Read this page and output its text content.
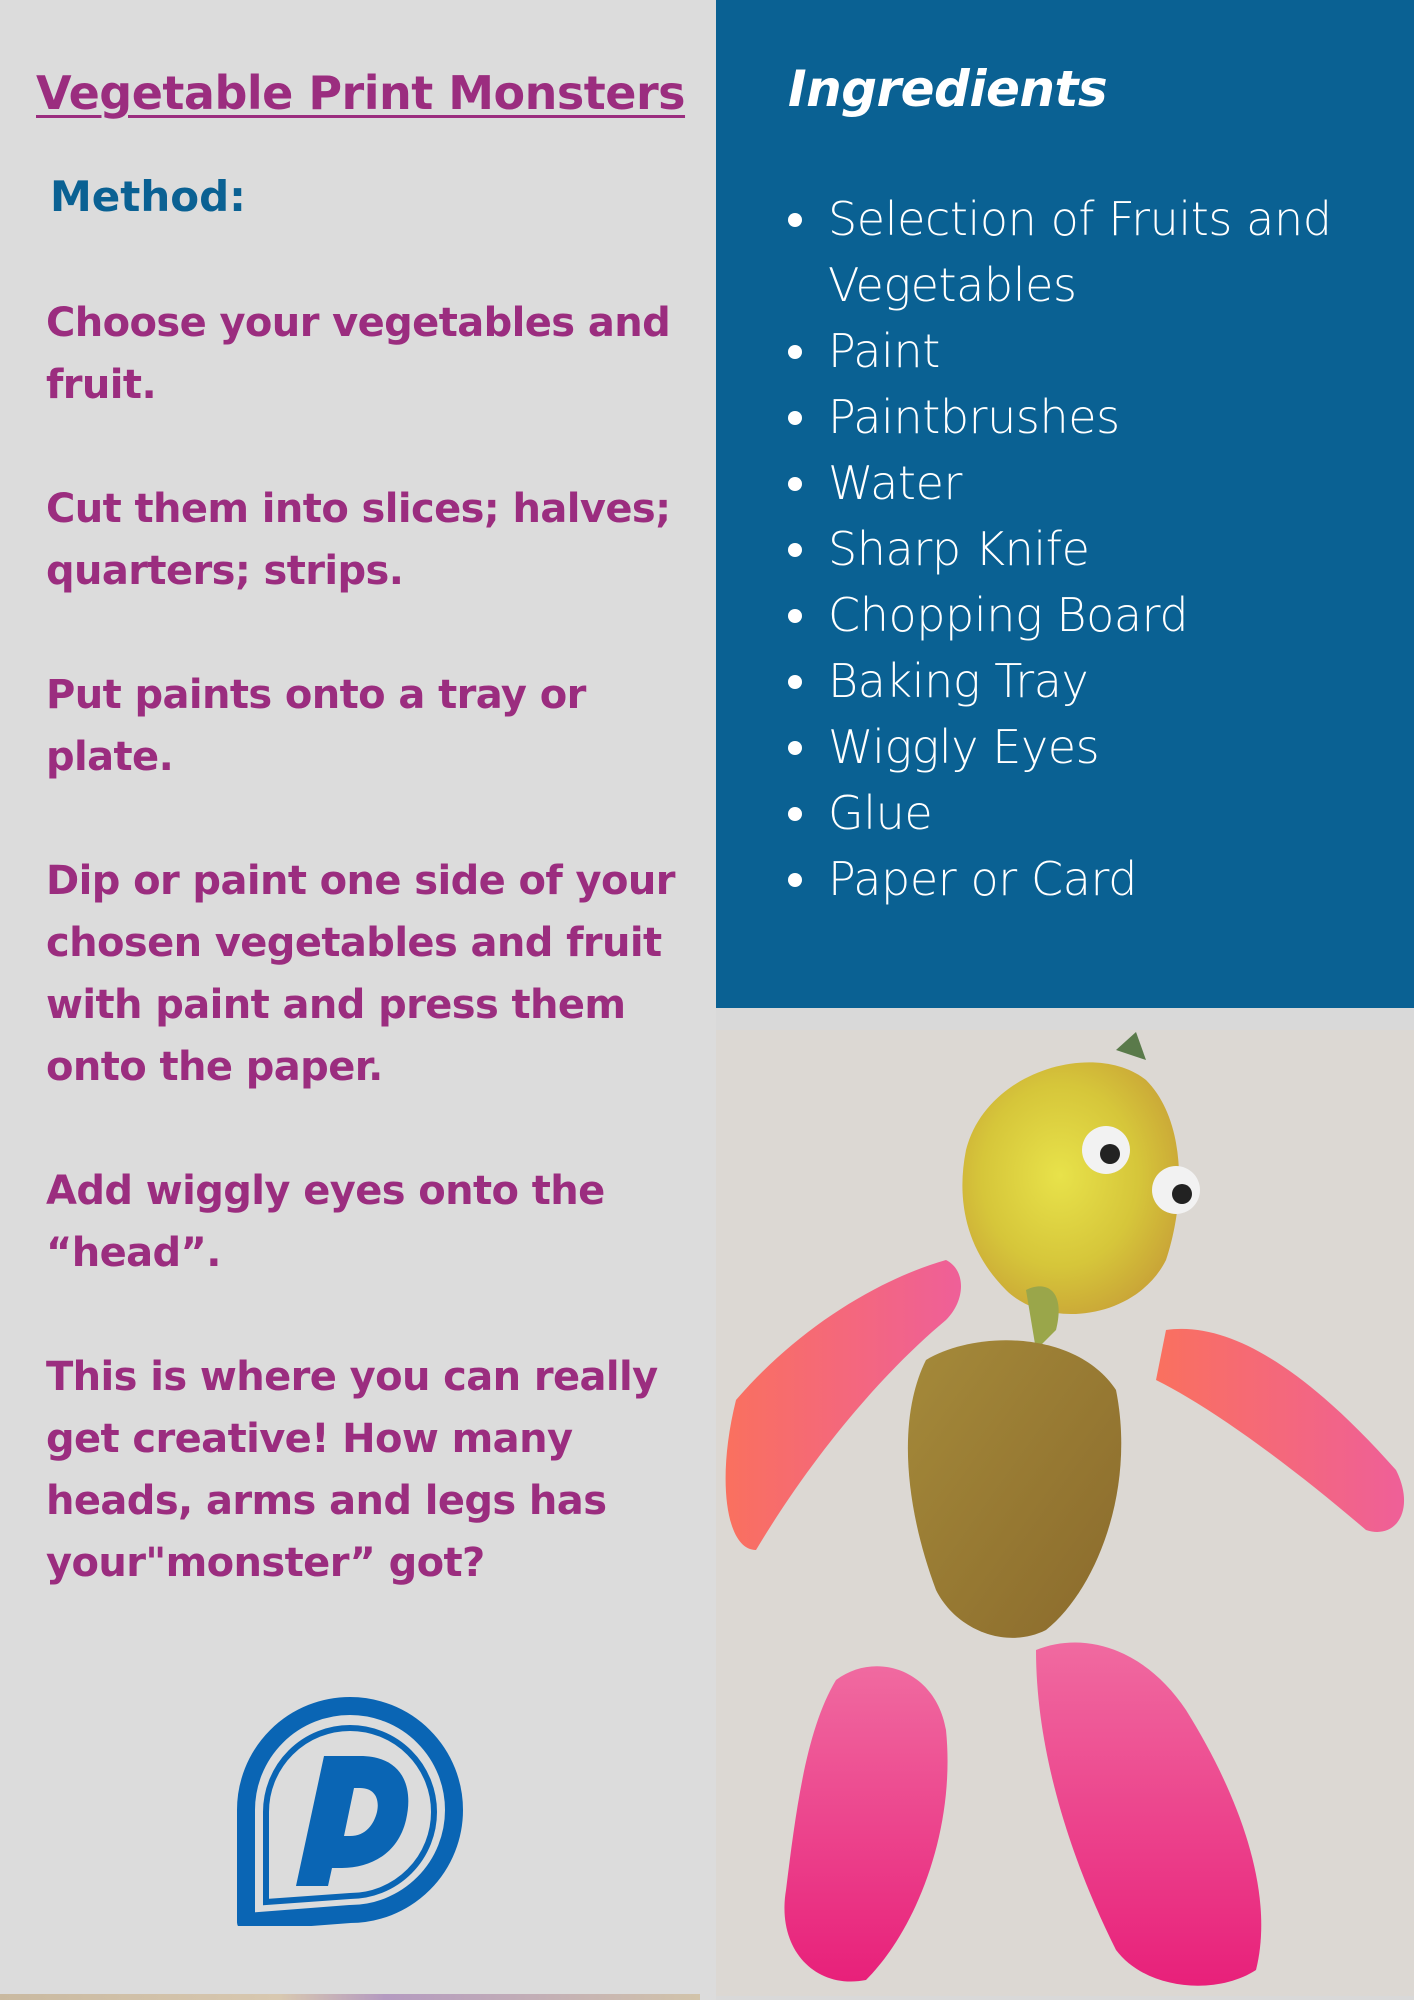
Vegetable Print Monsters
Method:

Choose your vegetables and fruit.

Cut them into slices; halves; quarters; strips.

Put paints onto a tray or plate.

Dip or paint one side of your chosen vegetables and fruit with paint and press them onto the paper.

Add wiggly eyes onto the “head”.

This is where you can really get creative! How many heads, arms and legs has your"monster” got?

Ingredients
Selection of Fruits and Vegetables
Paint
Paintbrushes
Water
Sharp Knife
Chopping Board
Baking Tray
Wiggly Eyes
Glue
Paper or Card
